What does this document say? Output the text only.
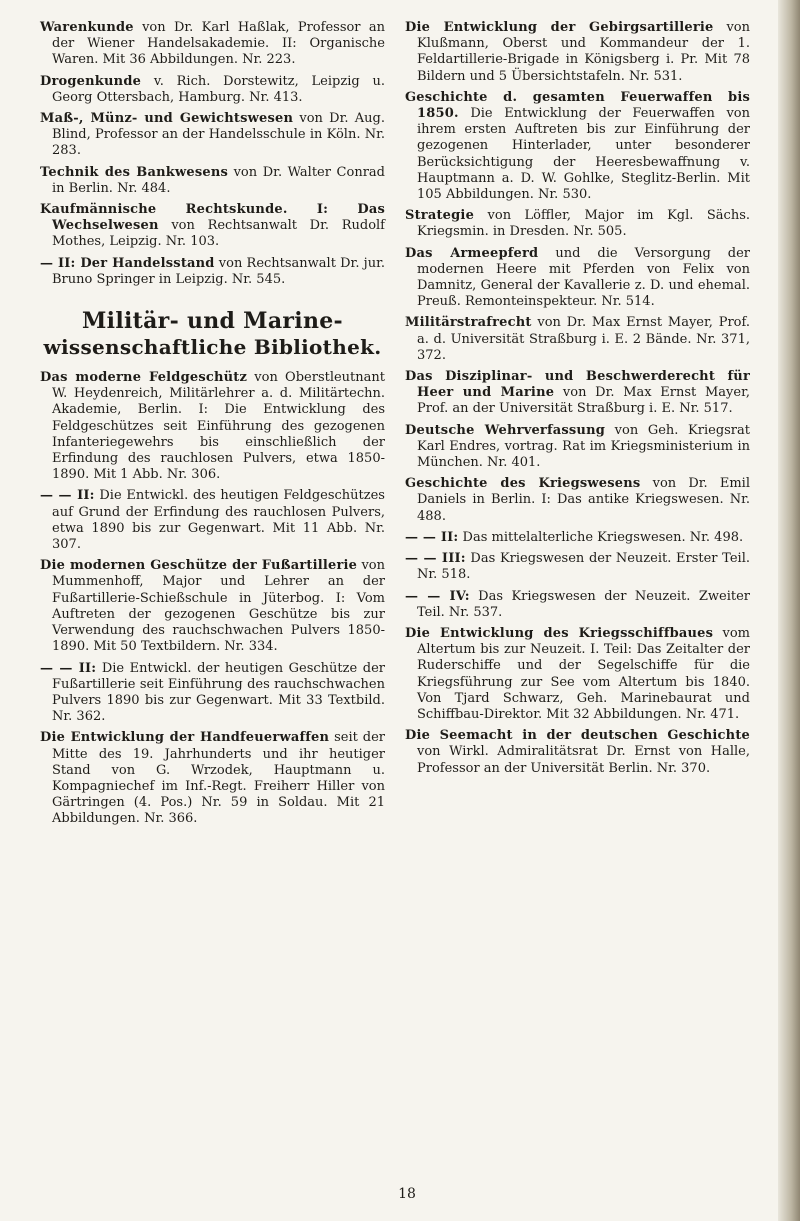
Warenkunde von Dr. Karl Haßlak, Professor an der Wiener Handelsakademie. II: Organische Waren. Mit 36 Abbildungen. Nr. 223.
Drogenkunde v. Rich. Dorstewitz, Leipzig u. Georg Ottersbach, Hamburg. Nr. 413.
Maß-, Münz- und Gewichtswesen von Dr. Aug. Blind, Professor an der Handelsschule in Köln. Nr. 283.
Technik des Bankwesens von Dr. Walter Conrad in Berlin. Nr. 484.
Kaufmännische Rechtskunde. I: Das Wechselwesen von Rechtsanwalt Dr. Rudolf Mothes, Leipzig. Nr. 103.
— II: Der Handelsstand von Rechtsanwalt Dr. jur. Bruno Springer in Leipzig. Nr. 545.
Militär- und Marine-
wissenschaftliche Bibliothek.
Das moderne Feldgeschütz von Oberstleutnant W. Heydenreich, Militärlehrer a. d. Militärtechn. Akademie, Berlin. I: Die Entwicklung des Feldgeschützes seit Einführung des gezogenen Infanteriegewehrs bis einschließlich der Erfindung des rauchlosen Pulvers, etwa 1850-1890. Mit 1 Abb. Nr. 306.
— — II: Die Entwickl. des heutigen Feldgeschützes auf Grund der Erfindung des rauchlosen Pulvers, etwa 1890 bis zur Gegenwart. Mit 11 Abb. Nr. 307.
Die modernen Geschütze der Fußartillerie von Mummenhoff, Major und Lehrer an der Fußartillerie-Schießschule in Jüterbog. I: Vom Auftreten der gezogenen Geschütze bis zur Verwendung des rauchschwachen Pulvers 1850-1890. Mit 50 Textbildern. Nr. 334.
— — II: Die Entwickl. der heutigen Geschütze der Fußartillerie seit Einführung des rauchschwachen Pulvers 1890 bis zur Gegenwart. Mit 33 Textbild. Nr. 362.
Die Entwicklung der Handfeuerwaffen seit der Mitte des 19. Jahrhunderts und ihr heutiger Stand von G. Wrzodek, Hauptmann u. Kompagniechef im Inf.-Regt. Freiherr Hiller von Gärtringen (4. Pos.) Nr. 59 in Soldau. Mit 21 Abbildungen. Nr. 366.
Die Entwicklung der Gebirgsartillerie von Klußmann, Oberst und Kommandeur der 1. Feldartillerie-Brigade in Königsberg i. Pr. Mit 78 Bildern und 5 Übersichtstafeln. Nr. 531.
Geschichte d. gesamten Feuerwaffen bis 1850. Die Entwicklung der Feuerwaffen von ihrem ersten Auftreten bis zur Einführung der gezogenen Hinterlader, unter besonderer Berücksichtigung der Heeresbewaffnung v. Hauptmann a. D. W. Gohlke, Steglitz-Berlin. Mit 105 Abbildungen. Nr. 530.
Strategie von Löffler, Major im Kgl. Sächs. Kriegsmin. in Dresden. Nr. 505.
Das Armeepferd und die Versorgung der modernen Heere mit Pferden von Felix von Damnitz, General der Kavallerie z. D. und ehemal. Preuß. Remonteinspekteur. Nr. 514.
Militärstrafrecht von Dr. Max Ernst Mayer, Prof. a. d. Universität Straßburg i. E. 2 Bände. Nr. 371, 372.
Das Disziplinar- und Beschwerderecht für Heer und Marine von Dr. Max Ernst Mayer, Prof. an der Universität Straßburg i. E. Nr. 517.
Deutsche Wehrverfassung von Geh. Kriegsrat Karl Endres, vortrag. Rat im Kriegsministerium in München. Nr. 401.
Geschichte des Kriegswesens von Dr. Emil Daniels in Berlin. I: Das antike Kriegswesen. Nr. 488.
— — II: Das mittelalterliche Kriegswesen. Nr. 498.
— — III: Das Kriegswesen der Neuzeit. Erster Teil. Nr. 518.
— — IV: Das Kriegswesen der Neuzeit. Zweiter Teil. Nr. 537.
Die Entwicklung des Kriegsschiffbaues vom Altertum bis zur Neuzeit. I. Teil: Das Zeitalter der Ruderschiffe und der Segelschiffe für die Kriegsführung zur See vom Altertum bis 1840. Von Tjard Schwarz, Geh. Marinebaurat und Schiffbau-Direktor. Mit 32 Abbildungen. Nr. 471.
Die Seemacht in der deutschen Geschichte von Wirkl. Admiralitätsrat Dr. Ernst von Halle, Professor an der Universität Berlin. Nr. 370.
18
